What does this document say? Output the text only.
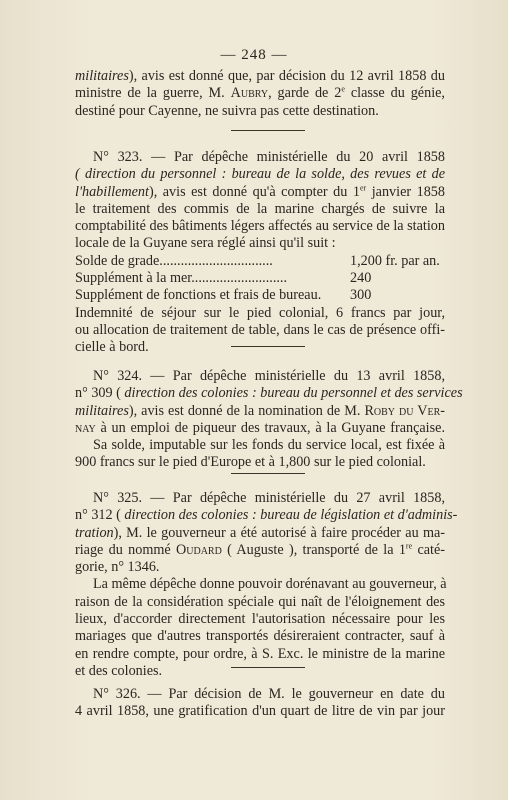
— 248 —
militaires), avis est donné que, par décision du 12 avril 1858 du
ministre de la guerre, M. Aubry, garde de 2e classe du génie,
destiné pour Cayenne, ne suivra pas cette destination.
N° 323. — Par dépêche ministérielle du 20 avril 1858
( direction du personnel : bureau de la solde, des revues et de
l'habillement), avis est donné qu'à compter du 1er janvier 1858
le traitement des commis de la marine chargés de suivre la
comptabilité des bâtiments légers affectés au service de la station
locale de la Guyane sera réglé ainsi qu'il suit :
Solde de grade................................	1,200 fr. par an.
Supplément à la mer...........................	240
Supplément de fonctions et frais de bureau.	300
Indemnité de séjour sur le pied colonial, 6 francs par jour,
ou allocation de traitement de table, dans le cas de présence offi-
cielle à bord.
N° 324. — Par dépêche ministérielle du 13 avril 1858,
n° 309 ( direction des colonies : bureau du personnel et des services
militaires), avis est donné de la nomination de M. Roby du Ver-
nay à un emploi de piqueur des travaux, à la Guyane française.
Sa solde, imputable sur les fonds du service local, est fixée à
900 francs sur le pied d'Europe et à 1,800 sur le pied colonial.
N° 325. — Par dépêche ministérielle du 27 avril 1858,
n° 312 ( direction des colonies : bureau de législation et d'adminis-
tration), M. le gouverneur a été autorisé à faire procéder au ma-
riage du nommé Oudard ( Auguste ), transporté de la 1re caté-
gorie, n° 1346.
La même dépêche donne pouvoir dorénavant au gouverneur, à
raison de la considération spéciale qui naît de l'éloignement des
lieux, d'accorder directement l'autorisation nécessaire pour les
mariages que d'autres transportés désireraient contracter, sauf à
en rendre compte, pour ordre, à S. Exc. le ministre de la marine
et des colonies.
N° 326. — Par décision de M. le gouverneur en date du
4 avril 1858, une gratification d'un quart de litre de vin par jour
